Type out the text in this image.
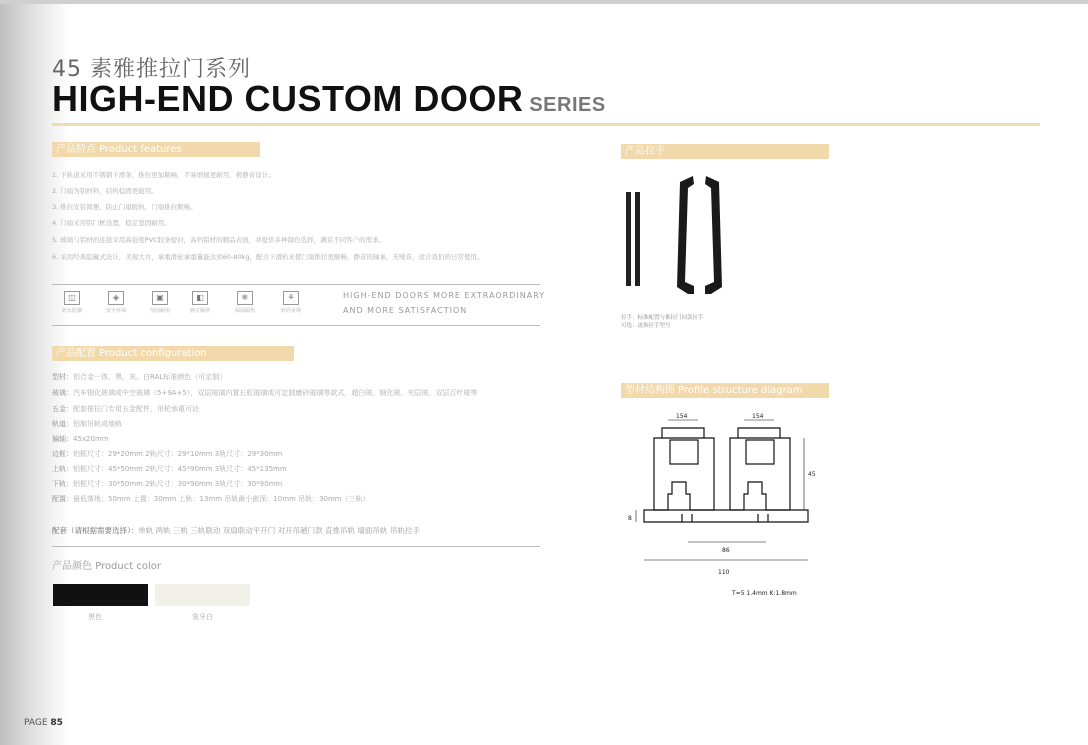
45 素雅推拉门系列
HIGH-END CUSTOM DOOR SERIES
产品特点 Product features
1. 下轨道采用不锈钢下滑条，推拉更加顺畅，不易磨损更耐用，极静音设计。
2. 门扇为铝材料，结构稳固更耐用。
3. 推拉安装简便，防止门扇脱轨，门扇推拉顺畅。
4. 门扇采用铝门框设置，稳定坚固耐用。
5. 玻璃与铝材的连接采用高强度PVC胶条密封，高档铝材的精品表面，并提供多种颜色选择，满足不同客户的需求。
6. 采用经典隐藏式设计，美观大方，承重滑轮承重量能达到60-80kg，配合下滑轨来使门扇推拉更顺畅，静音的轴承，无噪音，适合我们的日常使用。
◫
防水防潮
◈
安全环保
▣
坚固耐用
◧
静音顺滑
❄
保温隔热
⚘
时尚美观
HIGH-END DOORS MORE EXTRAORDINARY
AND MORE SATISFACTION
产品配置 Product configuration
型材：铝合金一体，黑、灰、白RAL标准颜色（可定制）
玻璃：汽车钢化玻璃或中空玻璃（5+9A+5），双层玻璃内置长虹玻璃或可定制磨砂玻璃等款式，超白玻、钢化玻、夹层玻、双层百叶玻等
五金：配套推拉门专用五金配件，吊轮承重可达
轨道：铝制吊轨或地轨
偏轴：45x20mm
边框：铝框尺寸：29*20mm 2轨尺寸：29*10mm 3轨尺寸：29*30mm
上轨：铝框尺寸：45*50mm 2轨尺寸：45*90mm 3轨尺寸：45*135mm
下轨：铝框尺寸：30*50mm 2轨尺寸：30*90mm 3轨尺寸：30*90mm
配置：最低落地：50mm 上置：30mm 上轨：13mm 吊轨最小嵌深：10mm 吊轨：30mm（三轨）
配套（请根据需要选择）：单轨 两轨 三轨 三轨联动 双扇联动平开门 对开吊趟门款 直推吊轨 墙面吊轨 吊轨拉手
产品颜色 Product color
黑色	象牙白
产品拉手
拉手：标准配置与推拉门同款拉手
可选：更换拉手型号
型材结构图 Profile structure diagram
154	154
45
8
86
110
T=5 1.4mm K:1.8mm
PAGE 85
